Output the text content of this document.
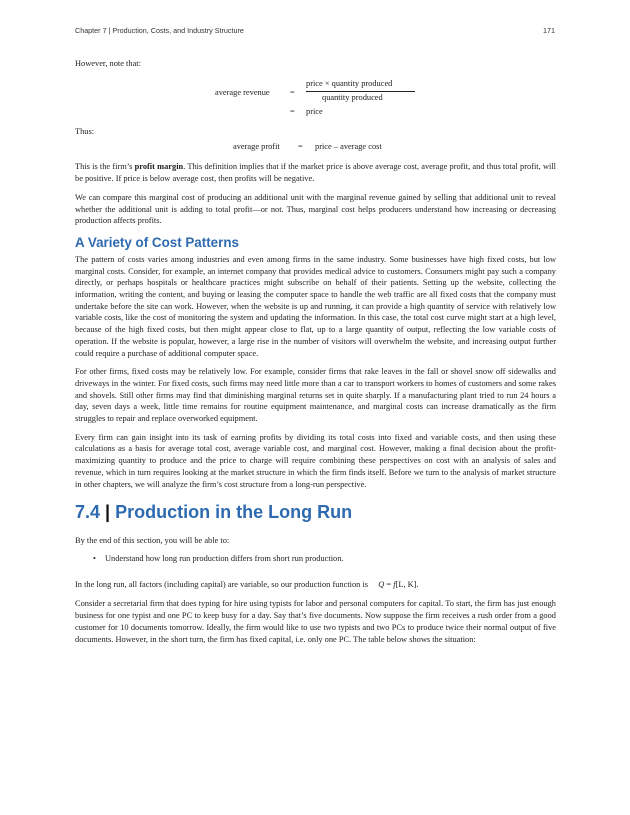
Chapter 7 | Production, Costs, and Industry Structure	171

However, note that:

average revenue =
price × quantity produced
quantity produced
= price

Thus:

average profit = price – average cost

This is the firm’s profit margin. This definition implies that if the market price is above average cost, average profit, and thus total profit, will be positive. If price is below average cost, then profits will be negative.

We can compare this marginal cost of producing an additional unit with the marginal revenue gained by selling that additional unit to reveal whether the additional unit is adding to total profit—or not. Thus, marginal cost helps producers understand how increasing or decreasing production affects profits.

A Variety of Cost Patterns

The pattern of costs varies among industries and even among firms in the same industry. Some businesses have high fixed costs, but low marginal costs. Consider, for example, an internet company that provides medical advice to customers. Consumers might pay such a company directly, or perhaps hospitals or healthcare practices might subscribe on behalf of their patients. Setting up the website, collecting the information, writing the content, and buying or leasing the computer space to handle the web traffic are all fixed costs that the company must undertake before the site can work. However, when the website is up and running, it can provide a high quantity of service with relatively low variable costs, like the cost of monitoring the system and updating the information. In this case, the total cost curve might start at a high level, because of the high fixed costs, but then might appear close to flat, up to a large quantity of output, reflecting the low variable costs of operation. If the website is popular, however, a large rise in the number of visitors will overwhelm the website, and increasing output further could require a purchase of additional computer space.

For other firms, fixed costs may be relatively low. For example, consider firms that rake leaves in the fall or shovel snow off sidewalks and driveways in the winter. For fixed costs, such firms may need little more than a car to transport workers to homes of customers and some rakes and shovels. Still other firms may find that diminishing marginal returns set in quite sharply. If a manufacturing plant tried to run 24 hours a day, seven days a week, little time remains for routine equipment maintenance, and marginal costs can increase dramatically as the firm struggles to repair and replace overworked equipment.

Every firm can gain insight into its task of earning profits by dividing its total costs into fixed and variable costs, and then using these calculations as a basis for average total cost, average variable cost, and marginal cost. However, making a final decision about the profit-maximizing quantity to produce and the price to charge will require combining these perspectives on cost with an analysis of sales and revenue, which in turn requires looking at the market structure in which the firm finds itself. Before we turn to the analysis of market structure in other chapters, we will analyze the firm’s cost structure from a long-run perspective.

7.4 | Production in the Long Run

By the end of this section, you will be able to:

• Understand how long run production differs from short run production.

In the long run, all factors (including capital) are variable, so our production function is Q = f[L, K].

Consider a secretarial firm that does typing for hire using typists for labor and personal computers for capital. To start, the firm has just enough business for one typist and one PC to keep busy for a day. Say that’s five documents. Now suppose the firm receives a rush order from a good customer for 10 documents tomorrow. Ideally, the firm would like to use two typists and two PCs to produce twice their normal output of five documents. However, in the short turn, the firm has fixed capital, i.e. only one PC. The table below shows the situation:
